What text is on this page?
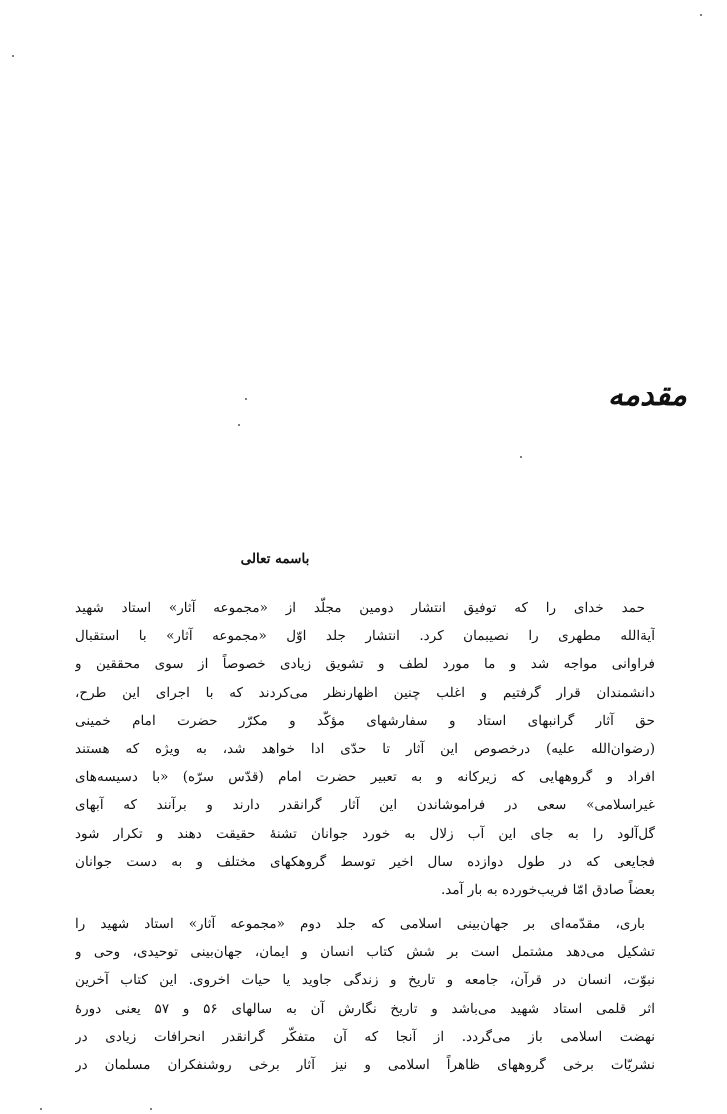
مقدمه
باسمه تعالی
حمد خدای را که توفیق انتشار دومین مجلّد از «مجموعه آثار» استاد شهید
آیة‌الله مطهری را نصیبمان کرد. انتشار جلد اوّل «مجموعه آثار» با استقبال
فراوانی مواجه شد و ما مورد لطف و تشویق زیادی خصوصاً از سوی محققین و
دانشمندان قرار گرفتیم و اغلب چنین اظهارنظر می‌کردند که با اجرای این طرح،
حق آثار گرانبهای استاد و سفارشهای مؤکّد و مکرّر حضرت امام خمینی
(رضوان‌الله علیه) درخصوص این آثار تا حدّی ادا خواهد شد، به ویژه که هستند
افراد و گروههایی که زیرکانه و به تعبیر حضرت امام (قدّس سرّه) «با دسیسه‌های
غیراسلامی» سعی در فراموشاندن این آثار گرانقدر دارند و برآنند که آبهای
گل‌آلود را به جای این آب زلال به خورد جوانان تشنهٔ حقیقت دهند و تکرار شود
فجایعی که در طول دوازده سال اخیر توسط گروهکهای مختلف و به دست جوانان
بعضاً صادق امّا فریب‌خورده به بار آمد.
باری، مقدّمه‌ای بر جهان‌بینی اسلامی که جلد دوم «مجموعه آثار» استاد شهید را
تشکیل می‌دهد مشتمل است بر شش کتاب انسان و ایمان، جهان‌بینی توحیدی، وحی و
نبوّت، انسان در قرآن، جامعه و تاریخ و زندگی جاوید یا حیات اخروی. این کتاب آخرین
اثر قلمی استاد شهید می‌باشد و تاریخ نگارش آن به سالهای ۵۶ و ۵۷ یعنی دورهٔ
نهضت اسلامی باز می‌گردد. از آنجا که آن متفکّر گرانقدر انحرافات زیادی در
نشریّات برخی گروههای ظاهراً اسلامی و نیز آثار برخی روشنفکران مسلمان در
